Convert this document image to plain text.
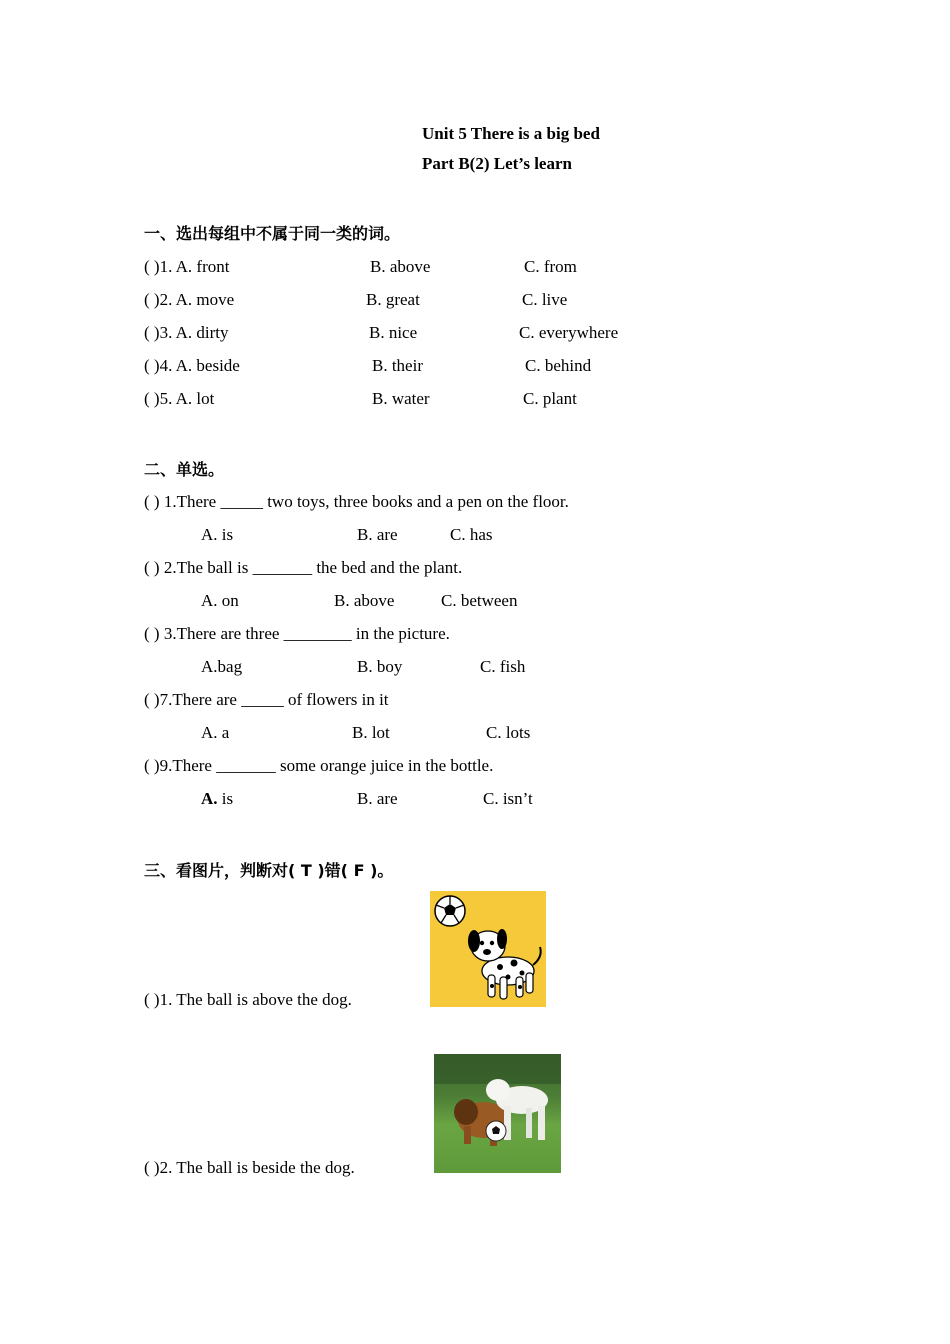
Unit 5 There is a big bed
Part B(2) Let’s learn
一、选出每组中不属于同一类的词。
( )1. A. front	B. above	C. from
( )2. A. move	B. great	C. live
( )3. A. dirty	B. nice	C. everywhere
( )4. A. beside	B. their	C. behind
( )5. A. lot	B. water	C. plant
二、单选。
( ) 1.There _____ two toys, three books and a pen on the floor.
A. is	B. are	C. has
( ) 2.The ball is _______ the bed and the plant.
A. on	B. above	C. between
( ) 3.There are three ________ in the picture.
A.bag	B. boy	C. fish
( )7.There are _____ of flowers in it
A. a	B. lot	C. lots
( )9.There _______ some orange juice in the bottle.
A. is	B. are	C. isn’t
三、看图片，判断对( T )错( F )。
( )1. The ball is above the dog.
( )2. The ball is beside the dog.
